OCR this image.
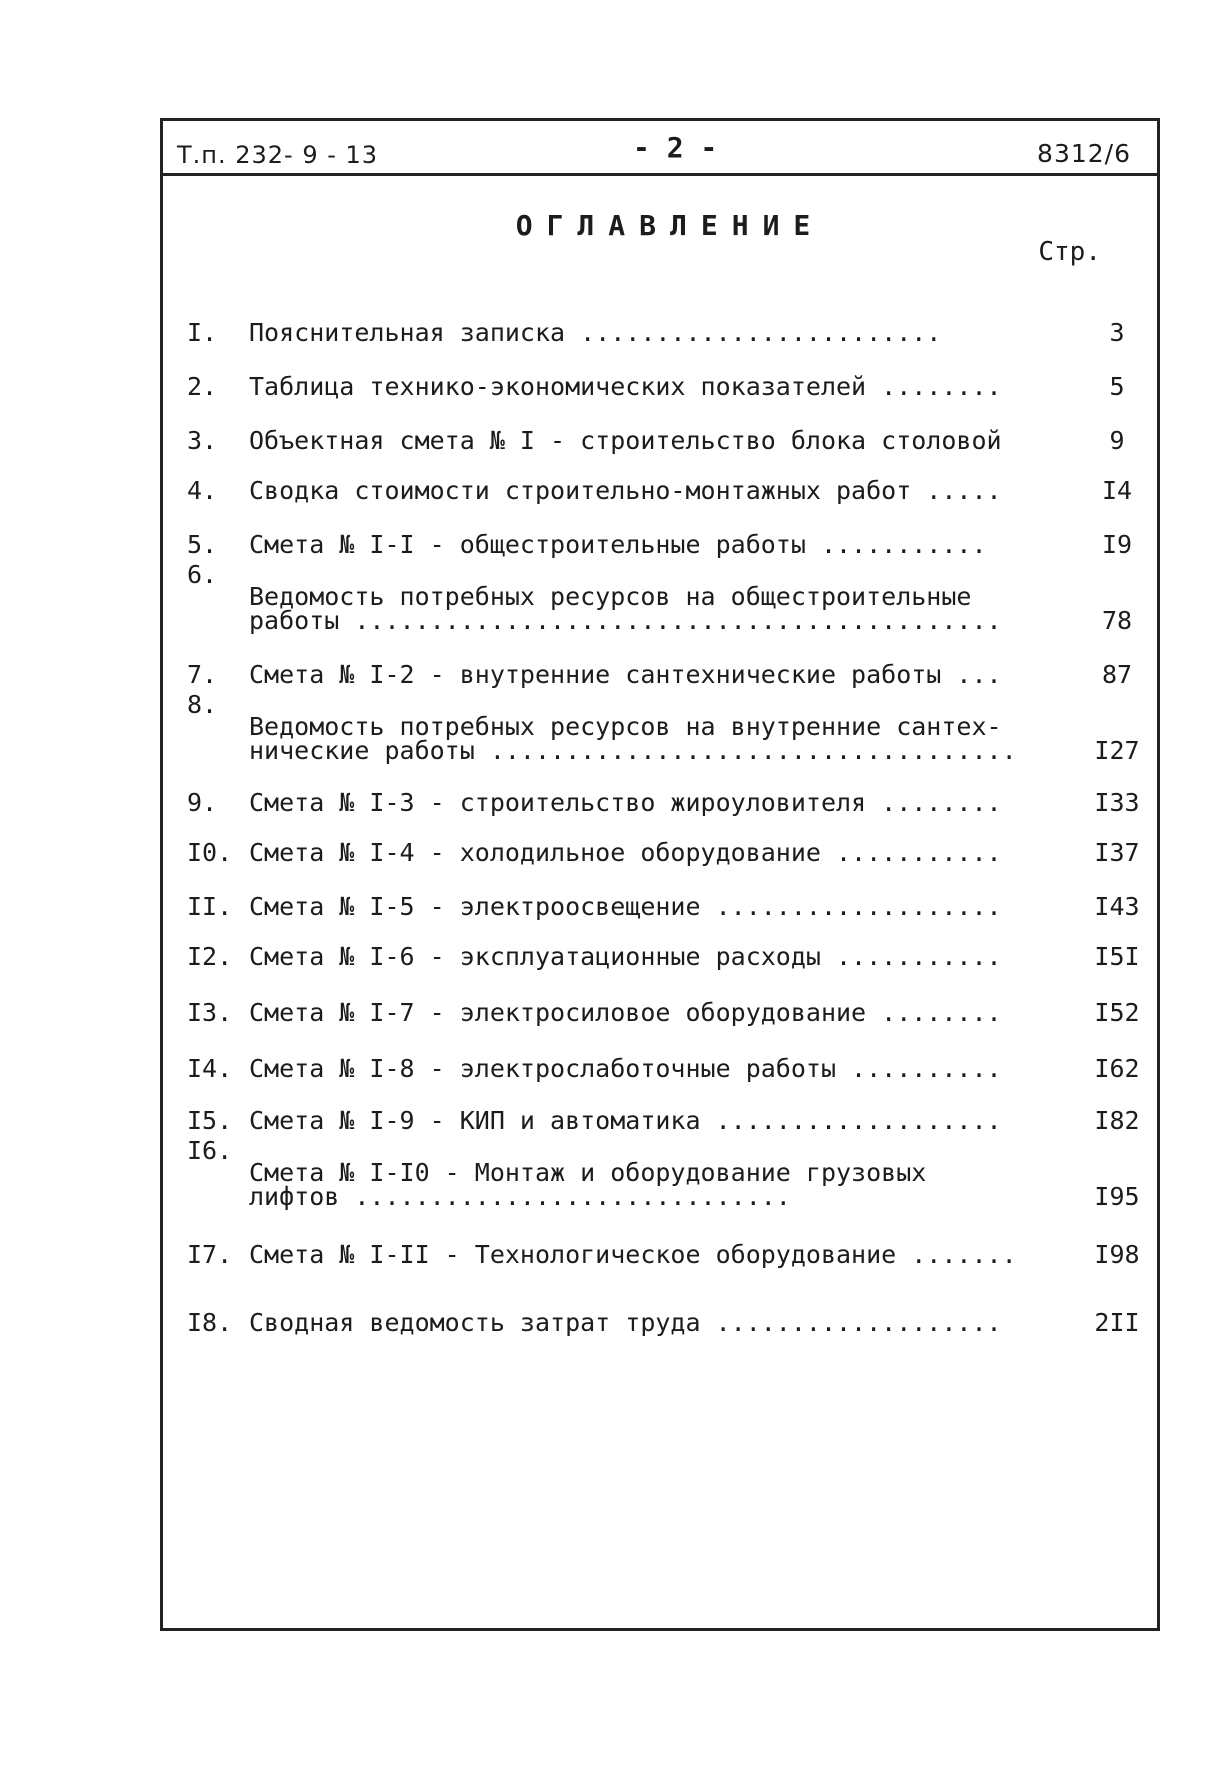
Т.п. 232- 9 - 13	- 2 -	8312/6
ОГЛАВЛЕНИЕ
Стр.
I.	Пояснительная записка ........................	3
2.	Таблица технико-экономических показателей ........	5
3.	Объектная смета № I - строительство блока столовой	9
4.	Сводка стоимости строительно-монтажных работ .....	I4
5.	Смета № I-I - общестроительные работы ...........	I9
6.
Ведомость потребных ресурсов на общестроительные
работы ...........................................	78
7.	Смета № I-2 - внутренние сантехнические работы ...	87
8.
Ведомость потребных ресурсов на внутренние сантех-
нические работы ...................................	I27
9.	Смета № I-3 - строительство жироуловителя ........	I33
I0. Смета № I-4 - холодильное оборудование ...........	I37
II. Смета № I-5 - электроосвещение ...................	I43
I2. Смета № I-6 - эксплуатационные расходы ...........	I5I
I3. Смета № I-7 - электросиловое оборудование ........	I52
I4. Смета № I-8 - электрослаботочные работы ..........	I62
I5. Смета № I-9 - КИП и автоматика ...................	I82
I6.
Смета № I-I0 - Монтаж и оборудование грузовых
лифтов .............................	I95
I7. Смета № I-II - Технологическое оборудование .......	I98
I8. Сводная ведомость затрат труда ...................	2II
